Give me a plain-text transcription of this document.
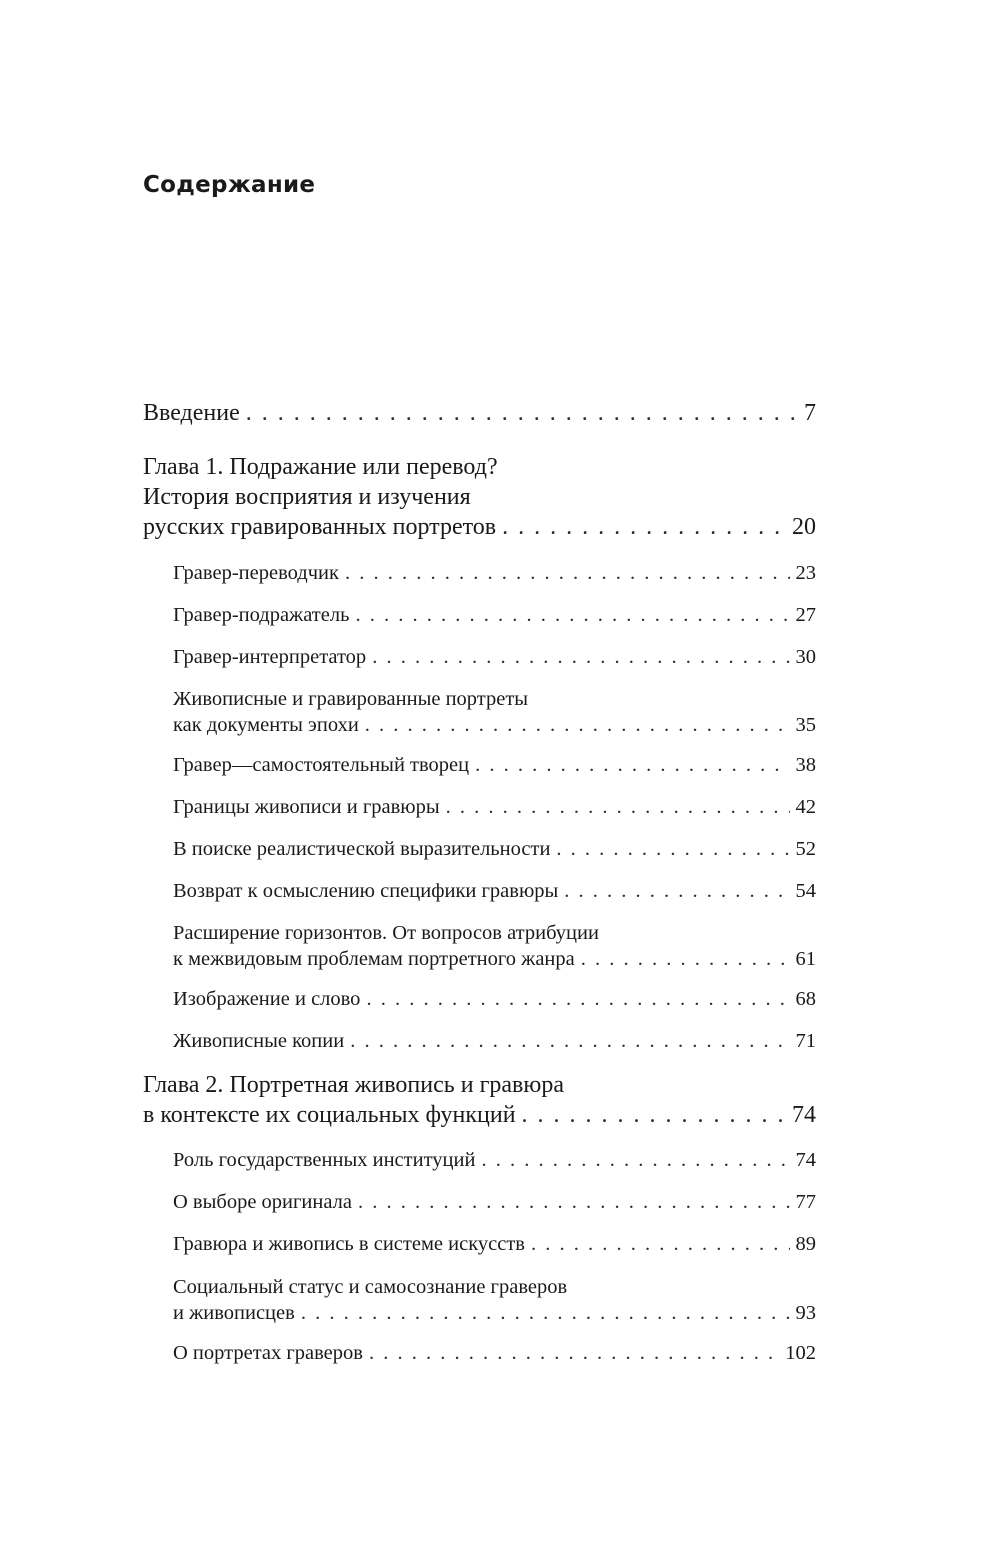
Содержание
Введение . . .	7
Глава 1. Подражание или перевод?
История восприятия и изучения
русских гравированных портретов . . .	20
Гравер-переводчик . . .	23
Гравер-подражатель . . .	27
Гравер-интерпретатор . . .	30
Живописные и гравированные портреты
как документы эпохи . . .	35
Гравер—самостоятельный творец . . .	38
Границы живописи и гравюры . . .	42
В поиске реалистической выразительности . . .	52
Возврат к осмыслению специфики гравюры . . .	54
Расширение горизонтов. От вопросов атрибуции
к межвидовым проблемам портретного жанра . . .	61
Изображение и слово . . .	68
Живописные копии . . .	71
Глава 2. Портретная живопись и гравюра
в контексте их социальных функций . . .	74
Роль государственных институций . . .	74
О выборе оригинала . . .	77
Гравюра и живопись в системе искусств . . .	89
Социальный статус и самосознание граверов
и живописцев . . .	93
О портретах граверов . . .	102
